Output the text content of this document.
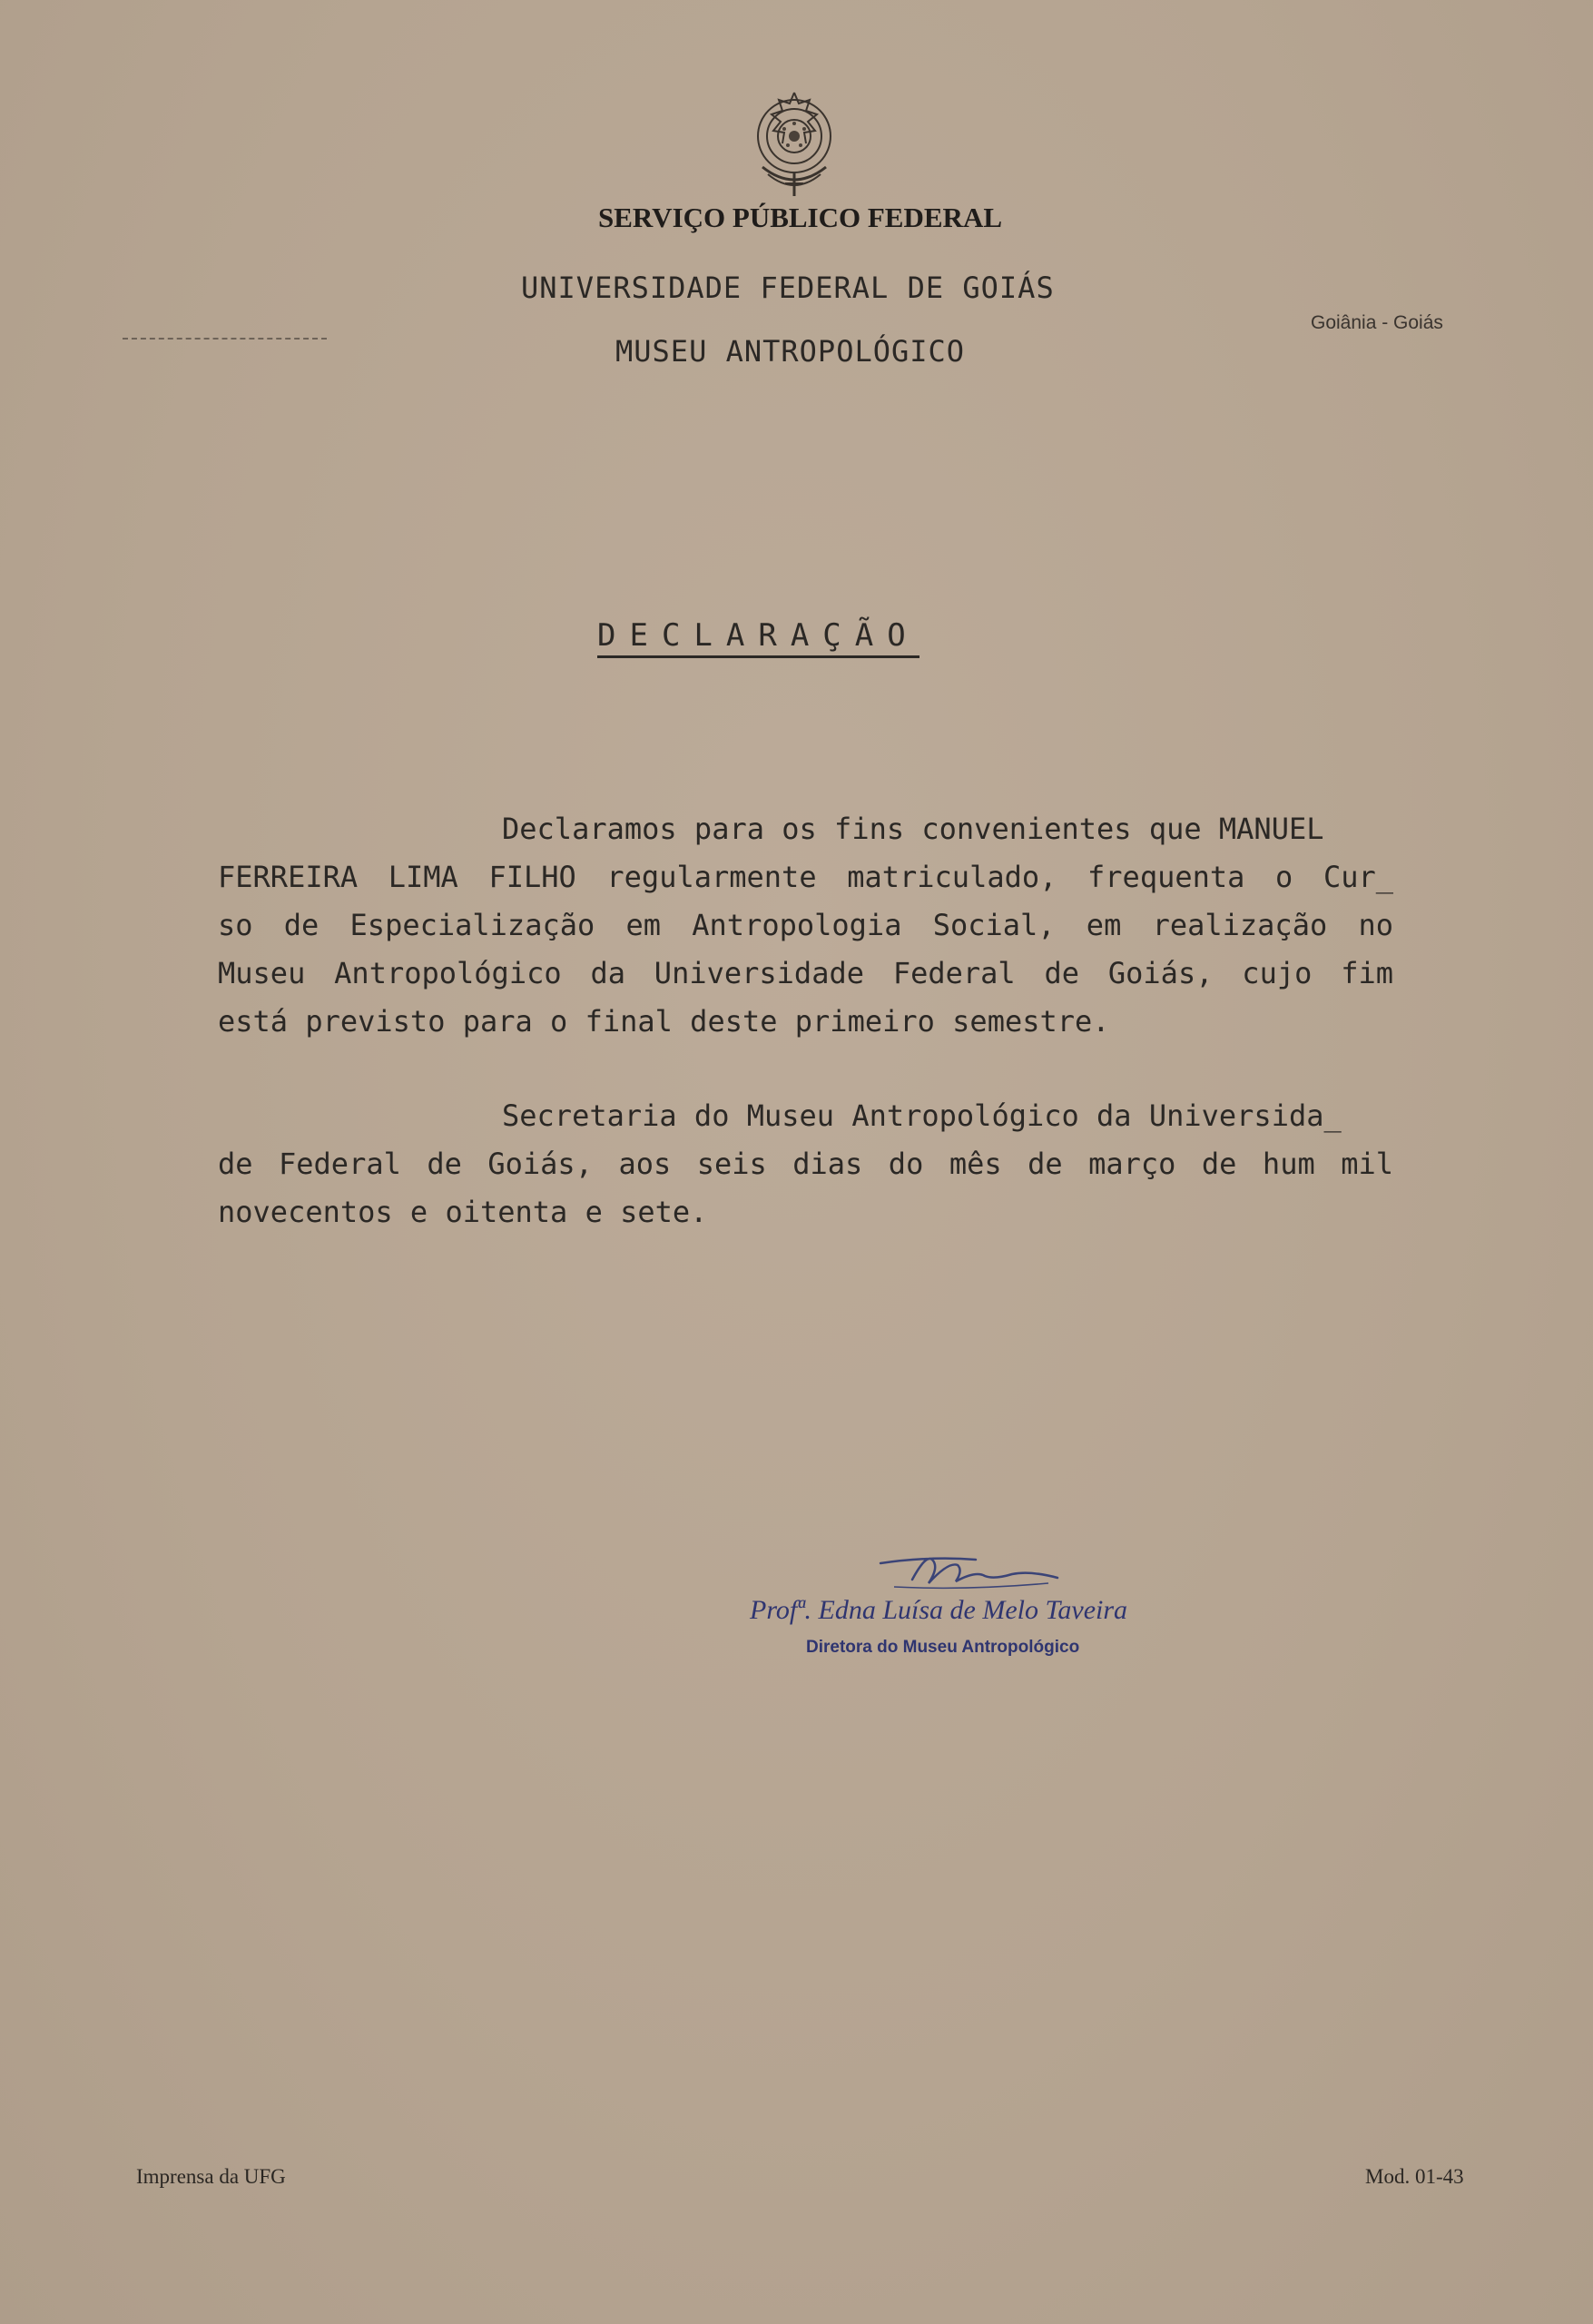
SERVIÇO PÚBLICO FEDERAL
UNIVERSIDADE FEDERAL DE GOIÁS
MUSEU ANTROPOLÓGICO
Goiânia - Goiás
DECLARAÇÃO
Declaramos para os fins convenientes que MANUEL
FERREIRA LIMA FILHO regularmente matriculado, frequenta o Cur_
so de Especialização em Antropologia Social, em realização no
Museu Antropológico da Universidade Federal de Goiás, cujo fim
está previsto para o final deste primeiro semestre.
Secretaria do Museu Antropológico da Universida_
de Federal de Goiás, aos seis dias do mês de março de hum mil
novecentos e oitenta e sete.
Profª. Edna Luísa de Melo Taveira
Diretora do Museu Antropológico
Imprensa da UFG	Mod. 01-43
